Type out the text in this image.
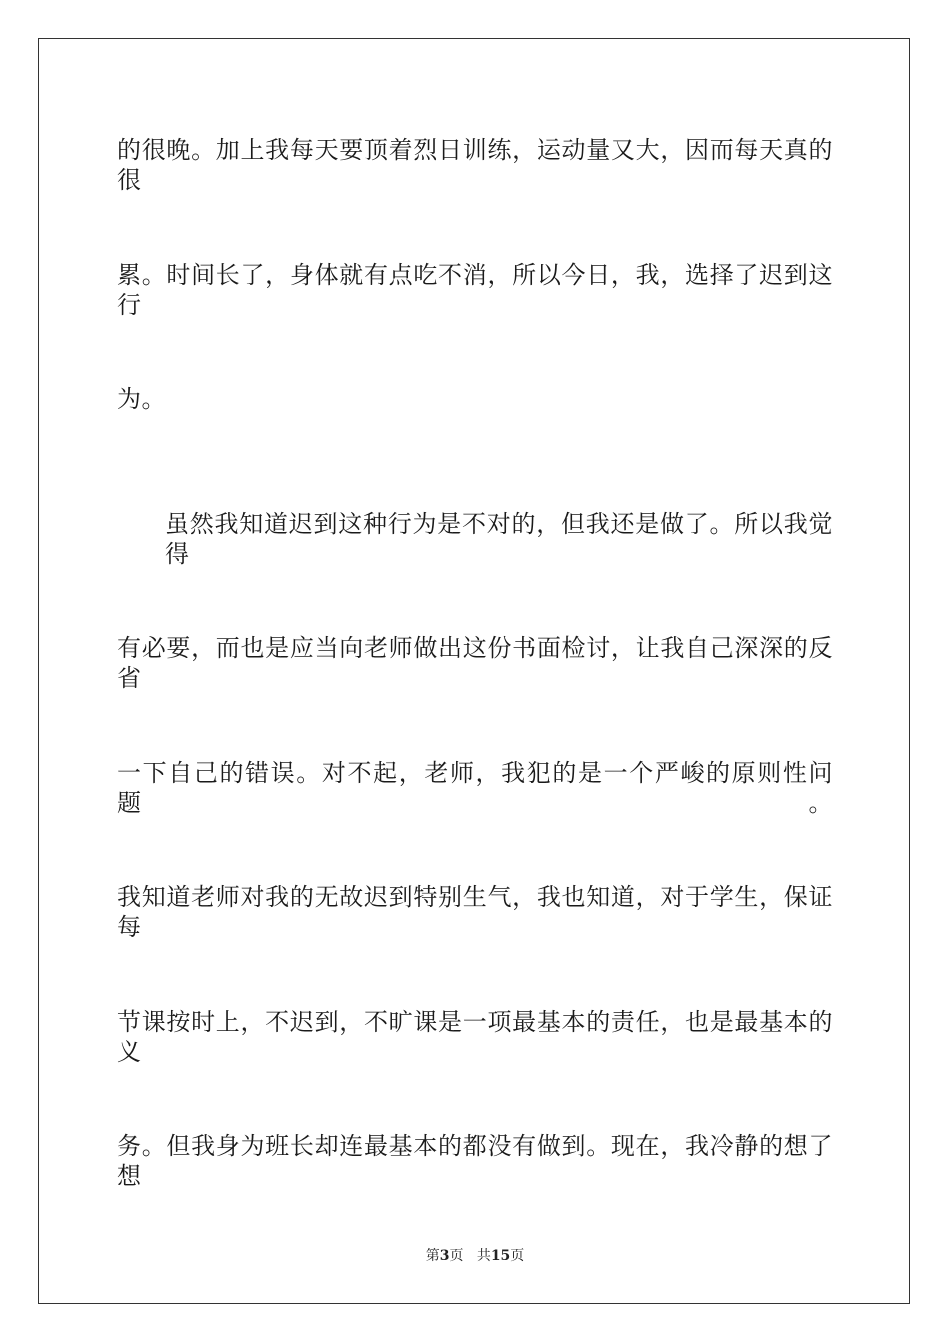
的很晚。加上我每天要顶着烈日训练，运动量又大，因而每天真的很
累。时间长了，身体就有点吃不消，所以今日，我，选择了迟到这行
为。
虽然我知道迟到这种行为是不对的，但我还是做了。所以我觉得
有必要，而也是应当向老师做出这份书面检讨，让我自己深深的反省
一下自己的错误。对不起，老师，我犯的是一个严峻的原则性问题。
我知道老师对我的无故迟到特别生气，我也知道，对于学生，保证每
节课按时上，不迟到，不旷课是一项最基本的责任，也是最基本的义
务。但我身为班长却连最基本的都没有做到。现在，我冷静的想了想
第3页 共15页
